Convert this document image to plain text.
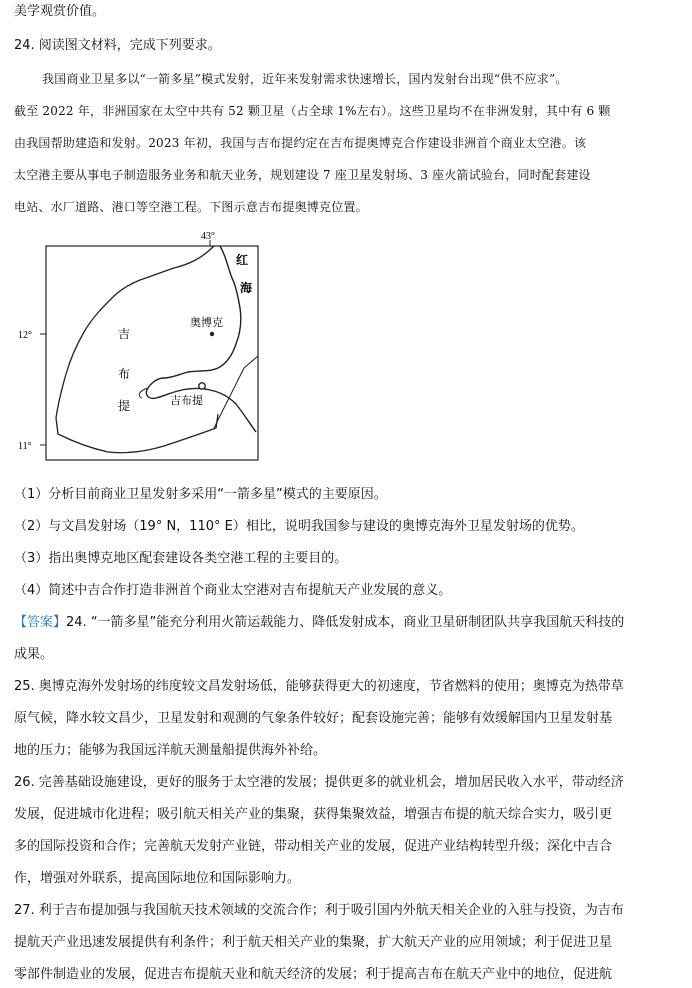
美学观赏价值。
24. 阅读图文材料，完成下列要求。
我国商业卫星多以“一箭多星”模式发射，近年来发射需求快速增长，国内发射台出现“供不应求”。
截至 2022 年，非洲国家在太空中共有 52 颗卫星（占全球 1%左右）。这些卫星均不在非洲发射，其中有 6 颗
由我国帮助建造和发射。2023 年初，我国与吉布提约定在吉布提奥博克合作建设非洲首个商业太空港。该
太空港主要从事电子制造服务业务和航天业务，规划建设 7 座卫星发射场、3 座火箭试验台，同时配套建设
电站、水厂道路、港口等空港工程。下图示意吉布提奥博克位置。
43°
12°
11°
红
海
吉
布
提
奥博克
吉布提
（1）分析目前商业卫星发射多采用“一箭多星”模式的主要原因。
（2）与文昌发射场（19° N，110° E）相比，说明我国参与建设的奥博克海外卫星发射场的优势。
（3）指出奥博克地区配套建设各类空港工程的主要目的。
（4）简述中吉合作打造非洲首个商业太空港对吉布提航天产业发展的意义。
【答案】24. “一箭多星”能充分利用火箭运载能力、降低发射成本，商业卫星研制团队共享我国航天科技的
成果。
25. 奥博克海外发射场的纬度较文昌发射场低，能够获得更大的初速度，节省燃料的使用；奥博克为热带草
原气候，降水较文昌少，卫星发射和观测的气象条件较好；配套设施完善；能够有效缓解国内卫星发射基
地的压力；能够为我国远洋航天测量船提供海外补给。
26. 完善基础设施建设，更好的服务于太空港的发展；提供更多的就业机会，增加居民收入水平，带动经济
发展，促进城市化进程；吸引航天相关产业的集聚，获得集聚效益，增强吉布提的航天综合实力，吸引更
多的国际投资和合作；完善航天发射产业链，带动相关产业的发展，促进产业结构转型升级；深化中吉合
作，增强对外联系，提高国际地位和国际影响力。
27. 利于吉布提加强与我国航天技术领域的交流合作；利于吸引国内外航天相关企业的入驻与投资，为吉布
提航天产业迅速发展提供有利条件；利于航天相关产业的集聚，扩大航天产业的应用领域；利于促进卫星
零部件制造业的发展，促进吉布提航天业和航天经济的发展；利于提高吉布在航天产业中的地位，促进航
